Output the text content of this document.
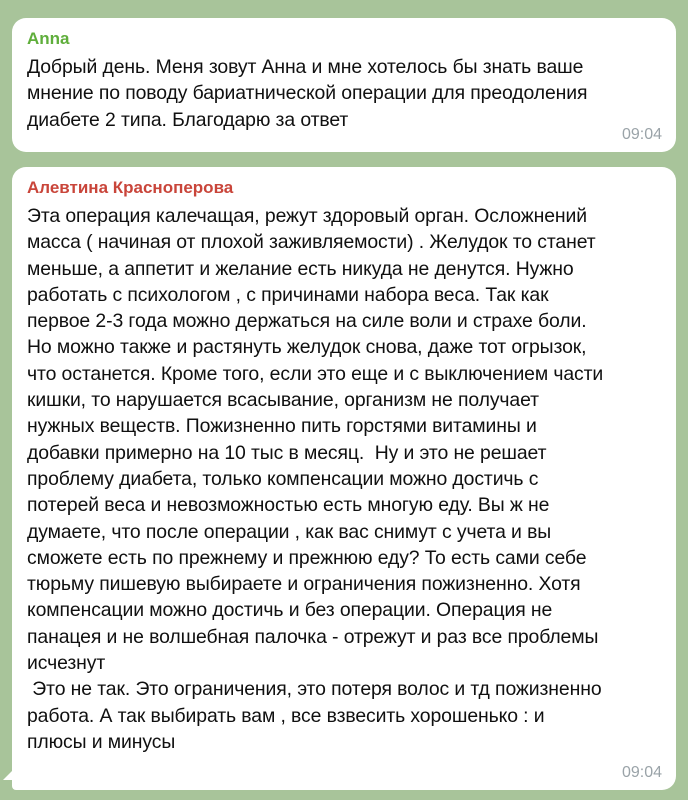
Anna

Добрый день. Меня зовут Анна и мне хотелось бы знать ваше мнение по поводу бариатнической операции для преодоления диабете 2 типа. Благодарю за ответ

09:04
Алевтина Красноперова

Эта операция калечащая, режут здоровый орган. Осложнений масса ( начиная от плохой заживляемости) . Желудок то станет меньше, а аппетит и желание есть никуда не денутся. Нужно работать с психологом , с причинами набора веса. Так как первое 2-3 года можно держаться на силе воли и страхе боли. Но можно также и растянуть желудок снова, даже тот огрызок, что останется. Кроме того, если это еще и с выключением части кишки, то нарушается всасывание, организм не получает нужных веществ. Пожизненно пить горстями витамины и добавки примерно на 10 тыс в месяц.  Ну и это не решает проблему диабета, только компенсации можно достичь с потерей веса и невозможностью есть многую еду. Вы ж не думаете, что после операции , как вас снимут с учета и вы сможете есть по прежнему и прежнюю еду? То есть сами себе тюрьму пишевую выбираете и ограничения пожизненно. Хотя компенсации можно достичь и без операции. Операция не панацея и не волшебная палочка - отрежут и раз все проблемы исчезнут
Это не так. Это ограничения, это потеря волос и тд пожизненно работа. А так выбирать вам , все взвесить хорошенько : и плюсы и минусы

09:04
